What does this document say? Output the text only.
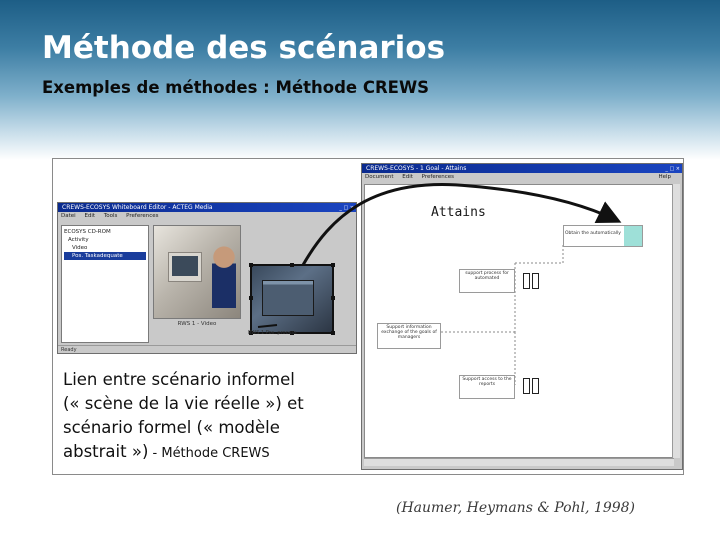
Méthode des scénarios
Exemples de méthodes : Méthode CREWS
CREWS-ECOSYS Whiteboard Editor - ACTEG Media	_ □ ×
Datei Edit Tools Preferences
ECOSYS CD-ROM
Activity
Video
Pos. Taskadequate
RWS 1 - Video
Ready
RWS 1 Pos. process
CREWS-ECOSYS - 1 Goal - Attains	_ □ ×
Document Edit Preferences	Help
Attains
Obtain the automatically
support process for automated
Support information exchange of the goals of managers
Support access to the reports
Lien entre scénario informel
(« scène de la vie réelle ») et
scénario formel (« modèle
abstrait ») - Méthode CREWS
(Haumer, Heymans & Pohl, 1998)
